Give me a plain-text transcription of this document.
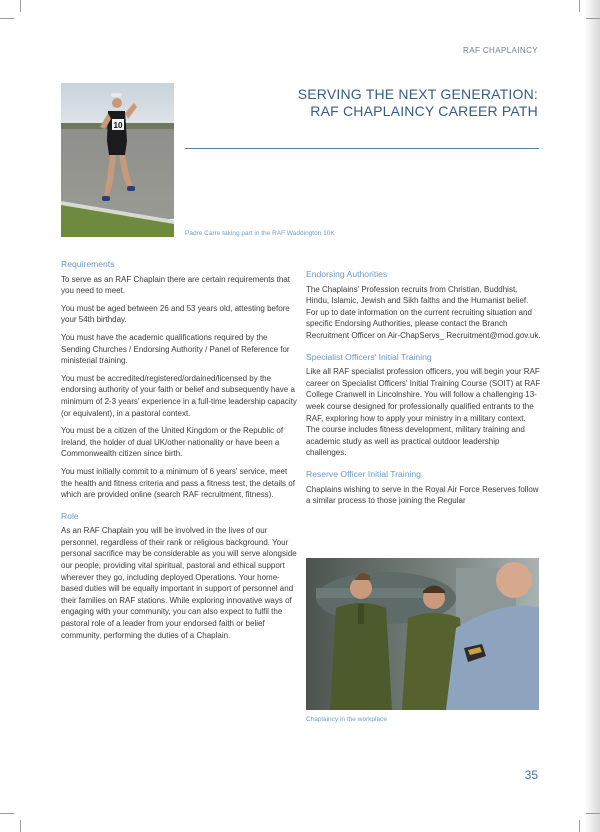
RAF CHAPLAINCY
10
Padre Carre taking part in the RAF Waddington 10K
SERVING THE NEXT GENERATION:
RAF CHAPLAINCY CAREER PATH
Requirements

To serve as an RAF Chaplain there are certain requirements that you need to meet.

You must be aged between 26 and 53 years old, attesting before your 54th birthday.

You must have the academic qualifications required by the Sending Churches / Endorsing Authority / Panel of Reference for ministerial training.

You must be accredited/registered/ordained/licensed by the endorsing authority of your faith or belief and subsequently have a minimum of 2-3 years' experience in a full-time leadership capacity (or equivalent), in a pastoral context.

You must be a citizen of the United Kingdom or the Republic of Ireland, the holder of dual UK/other nationality or have been a Commonwealth citizen since birth.

You must initially commit to a minimum of 6 years' service, meet the health and fitness criteria and pass a fitness test, the details of which are provided online (search RAF recruitment, fitness).

Role

As an RAF Chaplain you will be involved in the lives of our personnel, regardless of their rank or religious background. Your personal sacrifice may be considerable as you will serve alongside our people, providing vital spiritual, pastoral and ethical support wherever they go, including deployed Operations. Your home-based duties will be equally important in support of personnel and their families on RAF stations. While exploring innovative ways of engaging with your community, you can also expect to fulfil the pastoral role of a leader from your endorsed faith or belief community, performing the duties of a Chaplain.

Endorsing Authorities

The Chaplains' Profession recruits from Christian, Buddhist, Hindu, Islamic, Jewish and Sikh faiths and the Humanist belief. For up to date information on the current recruiting situation and specific Endorsing Authorities, please contact the Branch Recruitment Officer on Air-ChapServs_ Recruitment@mod.gov.uk.

Specialist Officers' Initial Training

Like all RAF specialist profession officers, you will begin your RAF career on Specialist Officers' Initial Training Course (SOIT) at RAF College Cranwell in Lincolnshire. You will follow a challenging 13-week course designed for professionally qualified entrants to the RAF, exploring how to apply your ministry in a military context. The course includes fitness development, military training and academic study as well as practical outdoor leadership challenges.

Reserve Officer Initial Training

Chaplains wishing to serve in the Royal Air Force Reserves follow a similar process to those joining the Regular

Chaplaincy in the workplace
35
